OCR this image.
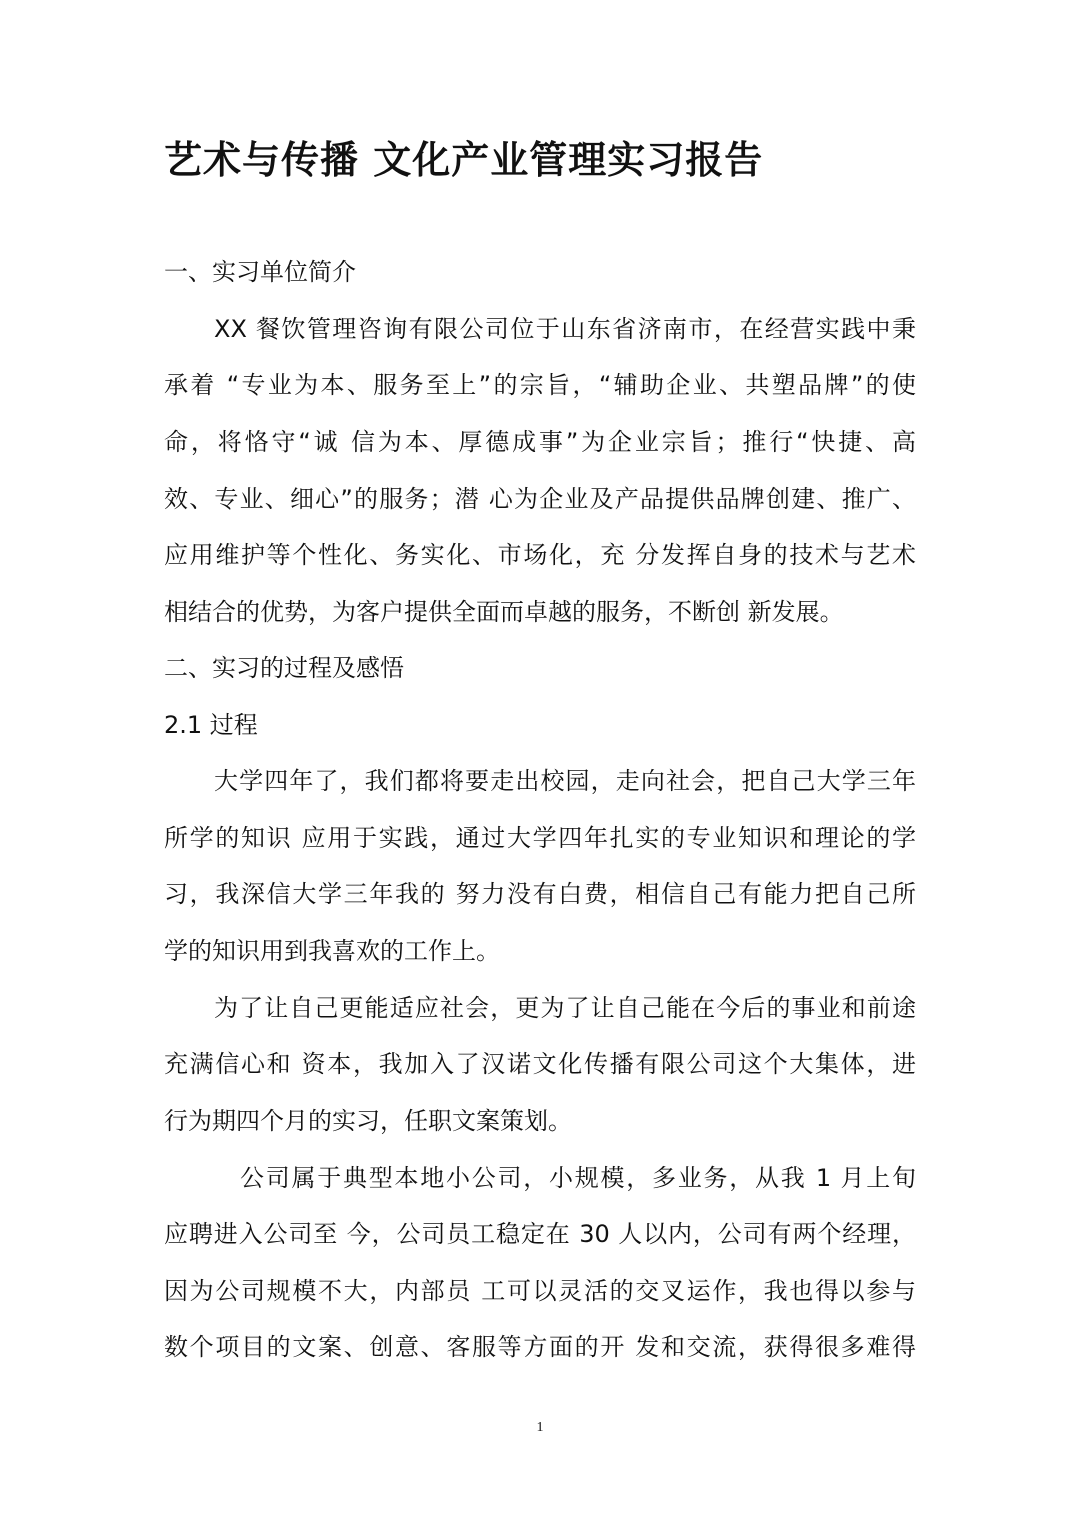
艺术与传播 文化产业管理实习报告
一、实习单位简介
XX 餐饮管理咨询有限公司位于山东省济南市，在经营实践中秉
承着 “专业为本、服务至上”的宗旨，“辅助企业、共塑品牌”的使
命，将恪守“诚 信为本、厚德成事”为企业宗旨；推行“快捷、高
效、专业、细心”的服务；潜 心为企业及产品提供品牌创建、推广、
应用维护等个性化、务实化、市场化，充 分发挥自身的技术与艺术
相结合的优势，为客户提供全面而卓越的服务，不断创 新发展。
二、实习的过程及感悟
2.1 过程
大学四年了，我们都将要走出校园，走向社会，把自己大学三年
所学的知识 应用于实践，通过大学四年扎实的专业知识和理论的学
习，我深信大学三年我的 努力没有白费，相信自己有能力把自己所
学的知识用到我喜欢的工作上。
为了让自己更能适应社会，更为了让自己能在今后的事业和前途
充满信心和 资本，我加入了汉诺文化传播有限公司这个大集体，进
行为期四个月的实习，任职文案策划。
公司属于典型本地小公司，小规模，多业务，从我 1 月上旬
应聘进入公司至 今，公司员工稳定在 30 人以内，公司有两个经理，
因为公司规模不大，内部员 工可以灵活的交叉运作，我也得以参与
数个项目的文案、创意、客服等方面的开 发和交流，获得很多难得
1
